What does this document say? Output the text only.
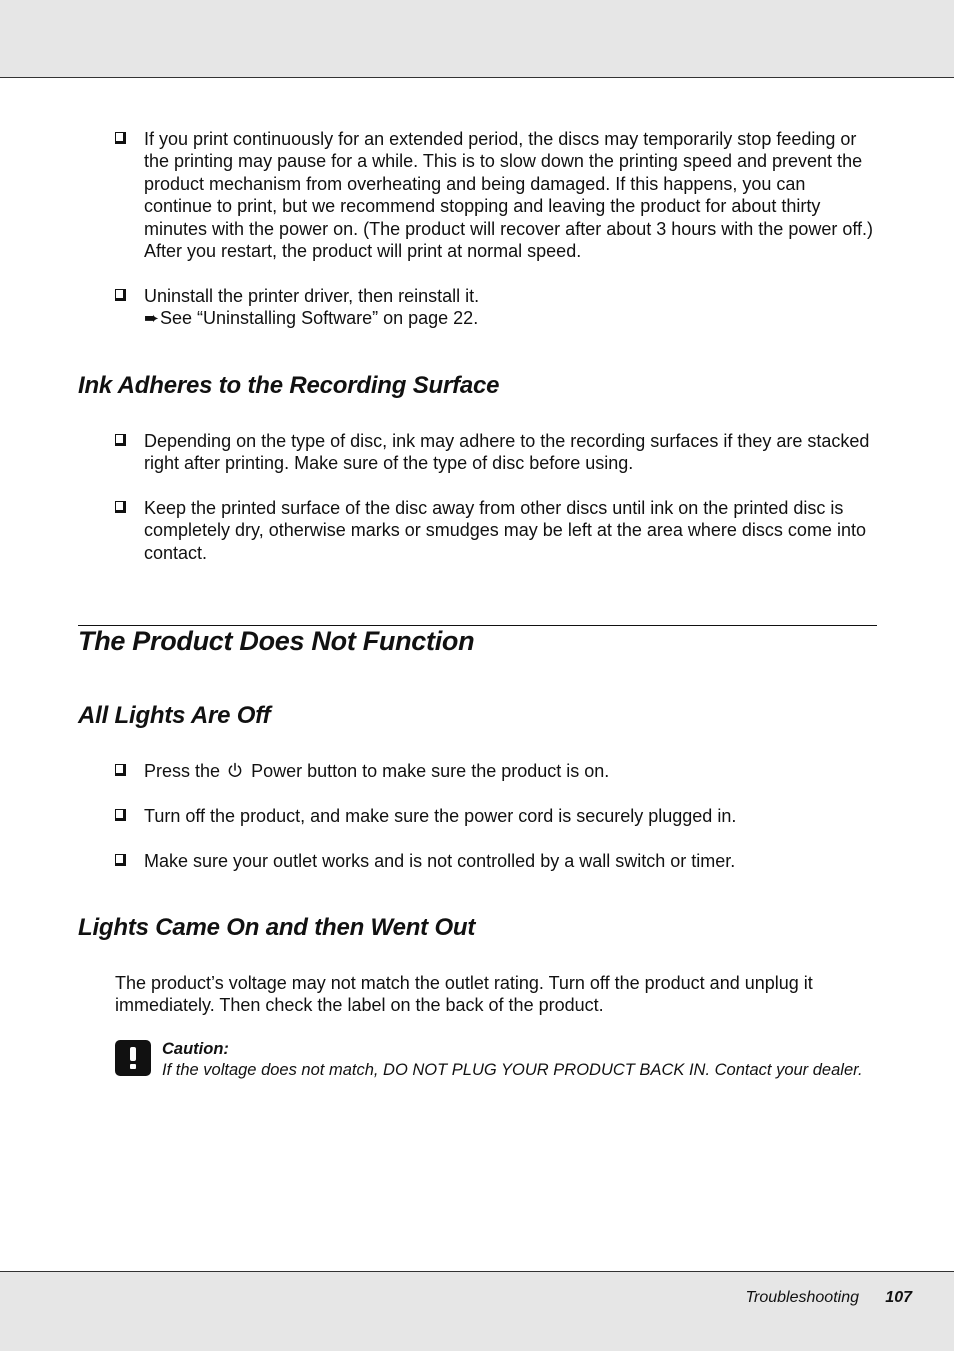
If you print continuously for an extended period, the discs may temporarily stop feeding or the printing may pause for a while. This is to slow down the printing speed and prevent the product mechanism from overheating and being damaged. If this happens, you can continue to print, but we recommend stopping and leaving the product for about thirty minutes with the power on. (The product will recover after about 3 hours with the power off.) After you restart, the product will print at normal speed.
Uninstall the printer driver, then reinstall it.
➨See “Uninstalling Software” on page 22.
Ink Adheres to the Recording Surface
Depending on the type of disc, ink may adhere to the recording surfaces if they are stacked right after printing. Make sure of the type of disc before using.
Keep the printed surface of the disc away from other discs until ink on the printed disc is completely dry, otherwise marks or smudges may be left at the area where discs come into contact.
The Product Does Not Function
All Lights Are Off
Press the Power button to make sure the product is on.
Turn off the product, and make sure the power cord is securely plugged in.
Make sure your outlet works and is not controlled by a wall switch or timer.
Lights Came On and then Went Out
The product’s voltage may not match the outlet rating. Turn off the product and unplug it immediately. Then check the label on the back of the product.
Caution:
If the voltage does not match, DO NOT PLUG YOUR PRODUCT BACK IN. Contact your dealer.
Troubleshooting 107
